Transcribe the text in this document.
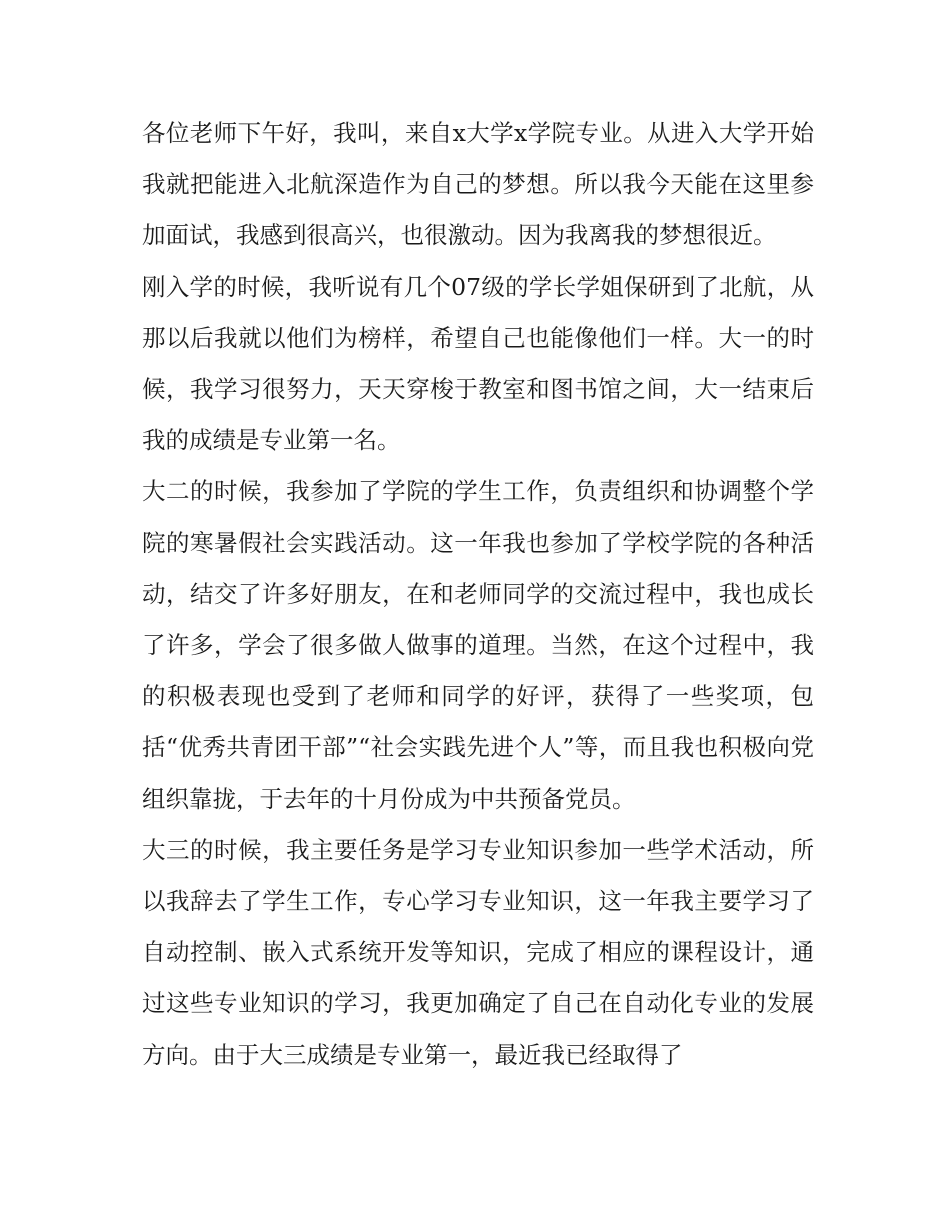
各位老师下午好，我叫，来自x大学x学院专业。从进入大学开始我就把能进入北航深造作为自己的梦想。所以我今天能在这里参加面试，我感到很高兴，也很激动。因为我离我的梦想很近。

刚入学的时候，我听说有几个07级的学长学姐保研到了北航，从那以后我就以他们为榜样，希望自己也能像他们一样。大一的时候，我学习很努力，天天穿梭于教室和图书馆之间，大一结束后我的成绩是专业第一名。

大二的时候，我参加了学院的学生工作，负责组织和协调整个学院的寒暑假社会实践活动。这一年我也参加了学校学院的各种活动，结交了许多好朋友，在和老师同学的交流过程中，我也成长了许多，学会了很多做人做事的道理。当然，在这个过程中，我的积极表现也受到了老师和同学的好评，获得了一些奖项，包括“优秀共青团干部”“社会实践先进个人”等，而且我也积极向党组织靠拢，于去年的十月份成为中共预备党员。

大三的时候，我主要任务是学习专业知识参加一些学术活动，所以我辞去了学生工作，专心学习专业知识，这一年我主要学习了自动控制、嵌入式系统开发等知识，完成了相应的课程设计，通过这些专业知识的学习，我更加确定了自己在自动化专业的发展方向。由于大三成绩是专业第一，最近我已经取得了
